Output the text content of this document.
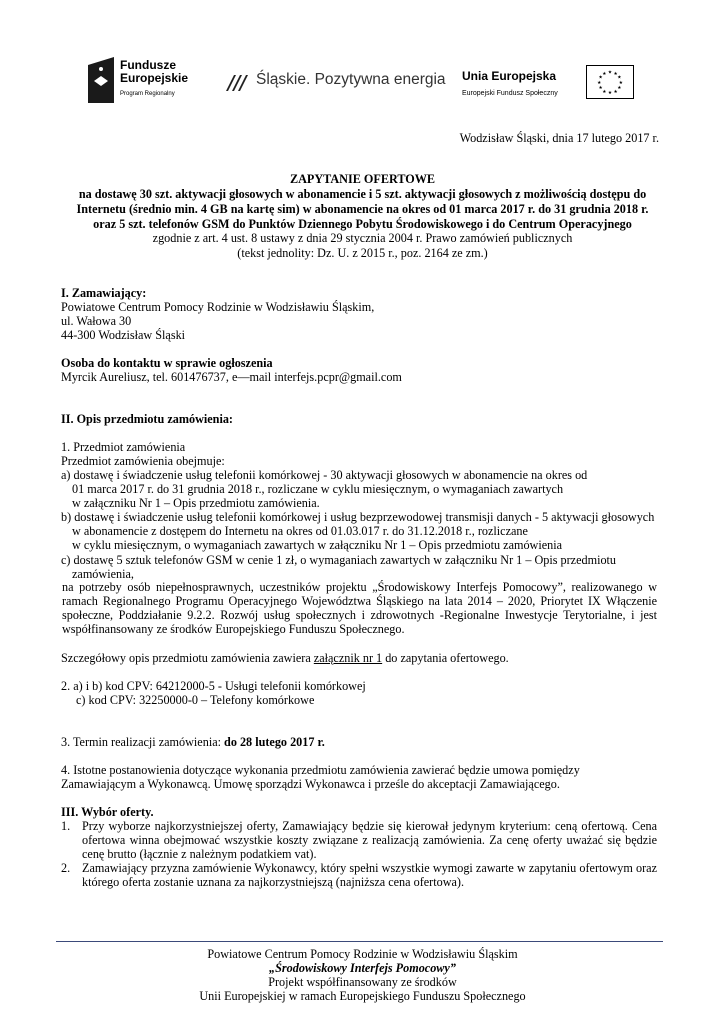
Fundusze
Europejskie
Program Regionalny
Śląskie. Pozytywna energia Unia Europejska
Europejski Fundusz Społeczny
★ ★
★
★
★
★
★
★
★
★
★
★
Wodzisław Śląski, dnia 17 lutego 2017 r.
ZAPYTANIE OFERTOWE
na dostawę 30 szt. aktywacji głosowych w abonamencie i 5 szt. aktywacji głosowych z możliwością dostępu do
Internetu (średnio min. 4 GB na kartę sim) w abonamencie na okres od 01 marca 2017 r. do 31 grudnia 2018 r.
oraz 5 szt. telefonów GSM do Punktów Dziennego Pobytu Środowiskowego i do Centrum Operacyjnego
zgodnie z art. 4 ust. 8 ustawy z dnia 29 stycznia 2004 r. Prawo zamówień publicznych
(tekst jednolity: Dz. U. z 2015 r., poz. 2164 ze zm.)
I. Zamawiający:
Powiatowe Centrum Pomocy Rodzinie w Wodzisławiu Śląskim,
ul. Wałowa 30
44-300 Wodzisław Śląski
Osoba do kontaktu w sprawie ogłoszenia
Myrcik Aureliusz, tel. 601476737, e—mail interfejs.pcpr@gmail.com
II. Opis przedmiotu zamówienia:
1. Przedmiot zamówienia
Przedmiot zamówienia obejmuje:
a) dostawę i świadczenie usług telefonii komórkowej - 30 aktywacji głosowych w abonamencie na okres od
01 marca 2017 r. do 31 grudnia 2018 r., rozliczane w cyklu miesięcznym, o wymaganiach zawartych
w załączniku Nr 1 – Opis przedmiotu zamówienia.
b) dostawę i świadczenie usług telefonii komórkowej i usług bezprzewodowej transmisji danych - 5 aktywacji głosowych
w abonamencie z dostępem do Internetu na okres od 01.03.017 r. do 31.12.2018 r., rozliczane
w cyklu miesięcznym, o wymaganiach zawartych w załączniku Nr 1 – Opis przedmiotu zamówienia
c) dostawę 5 sztuk telefonów GSM w cenie 1 zł, o wymaganiach zawartych w załączniku Nr 1 – Opis przedmiotu
zamówienia,
na potrzeby osób niepełnosprawnych, uczestników projektu „Środowiskowy Interfejs Pomocowy”, realizowanego w ramach Regionalnego Programu Operacyjnego Województwa Śląskiego na lata 2014 – 2020, Priorytet IX Włączenie społeczne, Poddziałanie 9.2.2. Rozwój usług społecznych i zdrowotnych -Regionalne Inwestycje Terytorialne, i jest współfinansowany ze środków Europejskiego Funduszu Społecznego.
Szczegółowy opis przedmiotu zamówienia zawiera załącznik nr 1 do zapytania ofertowego.
2. a) i b) kod CPV: 64212000-5 - Usługi telefonii komórkowej
c) kod CPV: 32250000-0 – Telefony komórkowe
3. Termin realizacji zamówienia: do 28 lutego 2017 r.
4. Istotne postanowienia dotyczące wykonania przedmiotu zamówienia zawierać będzie umowa pomiędzy
Zamawiającym a Wykonawcą. Umowę sporządzi Wykonawca i prześle do akceptacji Zamawiającego.
III. Wybór oferty.
1. Przy wyborze najkorzystniejszej oferty, Zamawiający będzie się kierował jedynym kryterium: ceną ofertową. Cena ofertowa winna obejmować wszystkie koszty związane z realizacją zamówienia. Za cenę oferty uważać się będzie cenę brutto (łącznie z należnym podatkiem vat).
2. Zamawiający przyzna zamówienie Wykonawcy, który spełni wszystkie wymogi zawarte w zapytaniu ofertowym oraz którego oferta zostanie uznana za najkorzystniejszą (najniższa cena ofertowa).
Powiatowe Centrum Pomocy Rodzinie w Wodzisławiu Śląskim
„Środowiskowy Interfejs Pomocowy”
Projekt współfinansowany ze środków
Unii Europejskiej w ramach Europejskiego Funduszu Społecznego
